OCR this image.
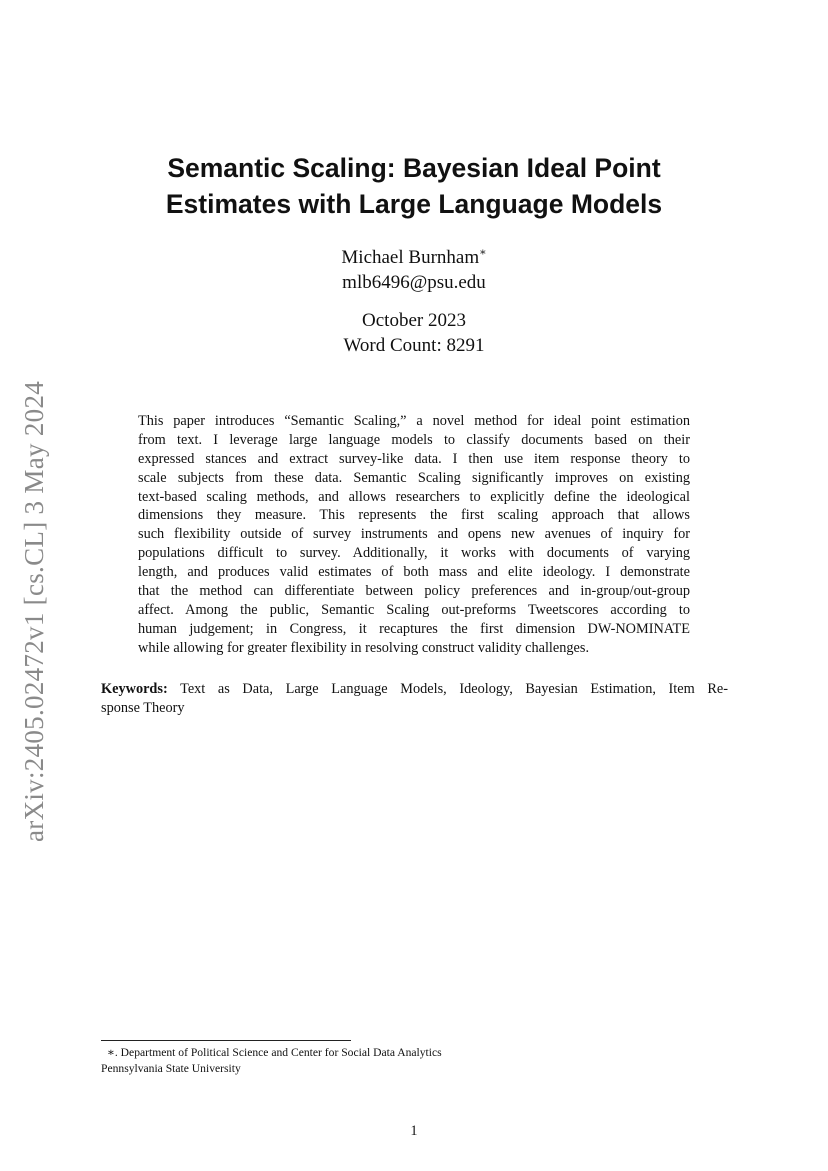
arXiv:2405.02472v1 [cs.CL] 3 May 2024
Semantic Scaling: Bayesian Ideal Point
Estimates with Large Language Models
Michael Burnham∗
mlb6496@psu.edu
October 2023
Word Count: 8291
This paper introduces “Semantic Scaling,” a novel method for ideal point estimation
from text. I leverage large language models to classify documents based on their
expressed stances and extract survey-like data. I then use item response theory to
scale subjects from these data. Semantic Scaling significantly improves on existing
text-based scaling methods, and allows researchers to explicitly define the ideological
dimensions they measure. This represents the first scaling approach that allows
such flexibility outside of survey instruments and opens new avenues of inquiry for
populations difficult to survey. Additionally, it works with documents of varying
length, and produces valid estimates of both mass and elite ideology. I demonstrate
that the method can differentiate between policy preferences and in-group/out-group
affect. Among the public, Semantic Scaling out-preforms Tweetscores according to
human judgement; in Congress, it recaptures the first dimension DW-NOMINATE
while allowing for greater flexibility in resolving construct validity challenges.
Keywords: Text as Data, Large Language Models, Ideology, Bayesian Estimation, Item Re-
sponse Theory
∗. Department of Political Science and Center for Social Data Analytics
Pennsylvania State University
1
